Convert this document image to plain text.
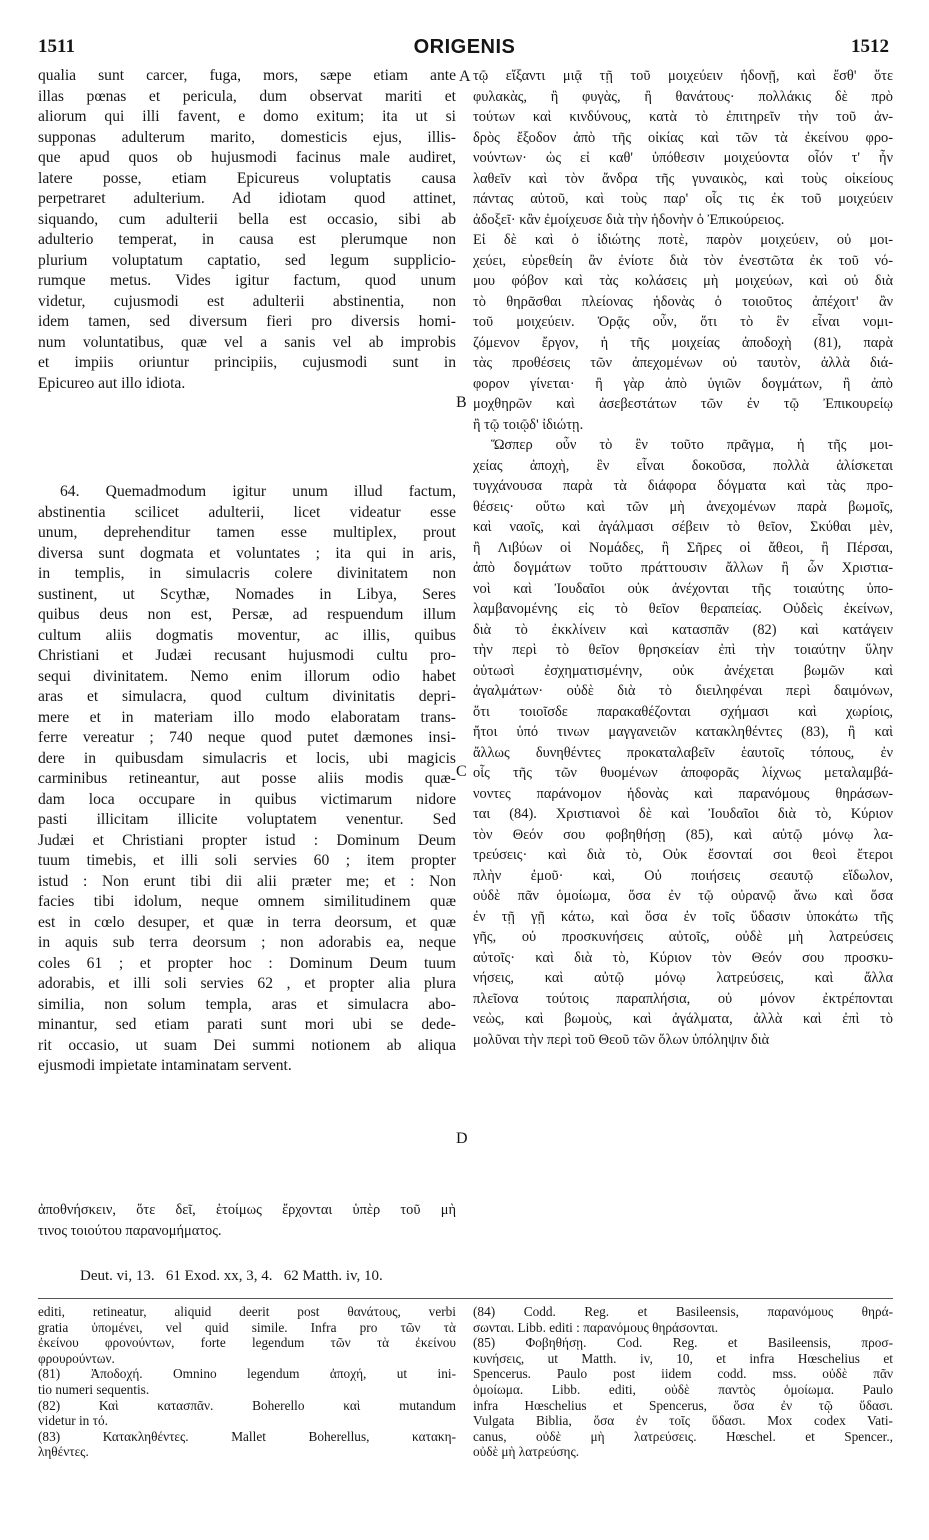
1511	ORIGENIS	1512
qualia sunt carcer, fuga, mors, sæpe etiam ante
illas pœnas et pericula, dum observat mariti et
aliorum qui illi favent, e domo exitum; ita ut si
supponas adulterum marito, domesticis ejus, illis-
que apud quos ob hujusmodi facinus male audiret,
latere posse, etiam Epicureus voluptatis causa
perpetraret adulterium. Ad idiotam quod attinet,
siquando, cum adulterii bella est occasio, sibi ab
adulterio temperat, in causa est plerumque non
plurium voluptatum captatio, sed legum supplicio-
rumque metus. Vides igitur factum, quod unum
videtur, cujusmodi est adulterii abstinentia, non
idem tamen, sed diversum fieri pro diversis homi-
num voluntatibus, quæ vel a sanis vel ab improbis
et impiis oriuntur principiis, cujusmodi sunt in
Epicureo aut illo idiota.
64. Quemadmodum igitur unum illud factum,
abstinentia scilicet adulterii, licet videatur esse
unum, deprehenditur tamen esse multiplex, prout
diversa sunt dogmata et voluntates ; ita qui in aris,
in templis, in simulacris colere divinitatem non
sustinent, ut Scythæ, Nomades in Libya, Seres
quibus deus non est, Persæ, ad respuendum illum
cultum aliis dogmatis moventur, ac illis, quibus
Christiani et Judæi recusant hujusmodi cultu pro-
sequi divinitatem. Nemo enim illorum odio habet
aras et simulacra, quod cultum divinitatis depri-
mere et in materiam illo modo elaboratam trans-
ferre vereatur ; 740 neque quod putet dæmones insi-
dere in quibusdam simulacris et locis, ubi magicis
carminibus retineantur, aut posse aliis modis quæ-
dam loca occupare in quibus victimarum nidore
pasti illicitam illicite voluptatem venentur. Sed
Judæi et Christiani propter istud : Dominum Deum
tuum timebis, et illi soli servies 60 ; item propter
istud : Non erunt tibi dii alii præter me; et : Non
facies tibi idolum, neque omnem similitudinem quæ
est in cœlo desuper, et quæ in terra deorsum, et quæ
in aquis sub terra deorsum ; non adorabis ea, neque
coles 61 ; et propter hoc : Dominum Deum tuum
adorabis, et illi soli servies 62 , et propter alia plura
similia, non solum templa, aras et simulacra abo-
minantur, sed etiam parati sunt mori ubi se dede-
rit occasio, ut suam Dei summi notionem ab aliqua
ejusmodi impietate intaminatam servent.
τῷ εἴξαντι μιᾷ τῇ τοῦ μοιχεύειν ἡδονῇ, καὶ ἔσθ' ὅτε
φυλακὰς, ἢ φυγὰς, ἢ θανάτους· πολλάκις δὲ πρὸ
τούτων καὶ κινδύνους, κατὰ τὸ ἐπιτηρεῖν τὴν τοῦ ἀν-
δρὸς ἔξοδον ἀπὸ τῆς οἰκίας καὶ τῶν τὰ ἐκείνου φρο-
νούντων· ὡς εἰ καθ' ὑπόθεσιν μοιχεύοντα οἷόν τ' ἦν
λαθεῖν καὶ τὸν ἄνδρα τῆς γυναικὸς, καὶ τοὺς οἰκείους
πάντας αὐτοῦ, καὶ τοὺς παρ' οἷς τις ἐκ τοῦ μοιχεύειν
ἀδοξεῖ· κἂν ἐμοίχευσε διὰ τὴν ἡδονὴν ὁ Ἐπικούρειος.
Εἰ δὲ καὶ ὁ ἰδιώτης ποτὲ, παρὸν μοιχεύειν, οὐ μοι-
χεύει, εὑρεθείη ἂν ἐνίοτε διὰ τὸν ἐνεστῶτα ἐκ τοῦ νό-
μου φόβον καὶ τὰς κολάσεις μὴ μοιχεύων, καὶ οὐ διὰ
τὸ θηρᾶσθαι πλείονας ἡδονὰς ὁ τοιοῦτος ἀπέχοιτ' ἂν
τοῦ μοιχεύειν. Ὁρᾷς οὖν, ὅτι τὸ ἓν εἶναι νομι-
ζόμενον ἔργον, ἡ τῆς μοιχείας ἀποδοχὴ (81), παρὰ
τὰς προθέσεις τῶν ἀπεχομένων οὐ ταυτὸν, ἀλλὰ διά-
φορον γίνεται· ἢ γὰρ ἀπὸ ὑγιῶν δογμάτων, ἢ ἀπὸ
μοχθηρῶν καὶ ἀσεβεστάτων τῶν ἐν τῷ Ἐπικουρείῳ
ἢ τῷ τοιῷδ' ἰδιώτῃ.
Ὥσπερ οὖν τὸ ἓν τοῦτο πρᾶγμα, ἡ τῆς μοι-
χείας ἀποχὴ, ἓν εἶναι δοκοῦσα, πολλὰ ἁλίσκεται
τυγχάνουσα παρὰ τὰ διάφορα δόγματα καὶ τὰς προ-
θέσεις· οὕτω καὶ τῶν μὴ ἀνεχομένων παρὰ βωμοῖς,
καὶ ναοῖς, καὶ ἀγάλμασι σέβειν τὸ θεῖον, Σκύθαι μὲν,
ἢ Λιβύων οἱ Νομάδες, ἢ Σῆρες οἱ ἄθεοι, ἢ Πέρσαι,
ἀπὸ δογμάτων τοῦτο πράττουσιν ἄλλων ἢ ὧν Χριστια-
νοὶ καὶ Ἰουδαῖοι οὐκ ἀνέχονται τῆς τοιαύτης ὑπο-
λαμβανομένης εἰς τὸ θεῖον θεραπείας. Οὐδεὶς ἐκείνων,
διὰ τὸ ἐκκλίνειν καὶ κατασπᾶν (82) καὶ κατάγειν
τὴν περὶ τὸ θεῖον θρησκείαν ἐπὶ τὴν τοιαύτην ὕλην
οὑτωσὶ ἐσχηματισμένην, οὐκ ἀνέχεται βωμῶν καὶ
ἀγαλμάτων· οὐδὲ διὰ τὸ διειληφέναι περὶ δαιμόνων,
ὅτι τοιοῖσδε παρακαθέζονται σχήμασι καὶ χωρίοις,
ἤτοι ὑπό τινων μαγγανειῶν κατακληθέντες (83), ἢ καὶ
ἄλλως δυνηθέντες προκαταλαβεῖν ἑαυτοῖς τόπους, ἐν
οἷς τῆς τῶν θυομένων ἀποφορᾶς λίχνως μεταλαμβά-
νοντες παράνομον ἡδονὰς καὶ παρανόμους θηράσων-
ται (84). Χριστιανοὶ δὲ καὶ Ἰουδαῖοι διὰ τὸ, Κύριον
τὸν Θεόν σου φοβηθήσῃ (85), καὶ αὐτῷ μόνῳ λα-
τρεύσεις· καὶ διὰ τὸ, Οὐκ ἔσονταί σοι θεοὶ ἕτεροι
πλὴν ἐμοῦ· καὶ, Οὐ ποιήσεις σεαυτῷ εἴδωλον,
οὐδὲ πᾶν ὁμοίωμα, ὅσα ἐν τῷ οὐρανῷ ἄνω καὶ ὅσα
ἐν τῇ γῇ κάτω, καὶ ὅσα ἐν τοῖς ὕδασιν ὑποκάτω τῆς
γῆς, οὐ προσκυνήσεις αὐτοῖς, οὐδὲ μὴ λατρεύσεις
αὐτοῖς· καὶ διὰ τὸ, Κύριον τὸν Θεόν σου προσκυ-
νήσεις, καὶ αὐτῷ μόνῳ λατρεύσεις, καὶ ἄλλα
πλεῖονα τούτοις παραπλήσια, οὐ μόνον ἐκτρέπονται
νεὼς, καὶ βωμοὺς, καὶ ἀγάλματα, ἀλλὰ καὶ ἐπὶ τὸ
μολῦναι τὴν περὶ τοῦ Θεοῦ τῶν ὅλων ὑπόληψιν διὰ
ἀποθνήσκειν, ὅτε δεῖ, ἑτοίμως ἔρχονται ὑπὲρ τοῦ μὴ
τινος τοιούτου παρανομήματος.
A
B
C
D
Deut. vi, 13.   61 Exod. xx, 3, 4.   62 Matth. iv, 10.
editi, retineatur, aliquid deerit post θανάτους, verbi
gratia ὑπομένει, vel quid simile. Infra pro τῶν τὰ
ἐκείνου φρονούντων, forte legendum τῶν τὰ ἐκείνου
φρουρούντων.
(81) Ἀποδοχή. Omnino legendum ἀποχή, ut ini-
tio numeri sequentis.
(82) Καὶ κατασπᾶν. Boherello καὶ mutandum
videtur in τό.
(83) Κατακληθέντες. Mallet Boherellus, κατακη-
ληθέντες.
(84) Codd. Reg. et Basileensis, παρανόμους θηρά-
σωνται. Libb. editi : παρανόμους θηράσονται.
(85) Φοβηθήσῃ. Cod. Reg. et Basileensis, προσ-
κυνήσεις, ut Matth. iv, 10, et infra Hœschelius et
Spencerus. Paulo post iidem codd. mss. οὐδὲ πᾶν
ὁμοίωμα. Libb. editi, οὐδὲ παντὸς ὁμοίωμα. Paulo
infra Hœschelius et Spencerus, ὅσα ἐν τῷ ὕδασι.
Vulgata Biblia, ὅσα ἐν τοῖς ὕδασι. Mox codex Vati-
canus, οὐδὲ μὴ λατρεύσεις. Hœschel. et Spencer.,
οὐδὲ μὴ λατρεύσης.
